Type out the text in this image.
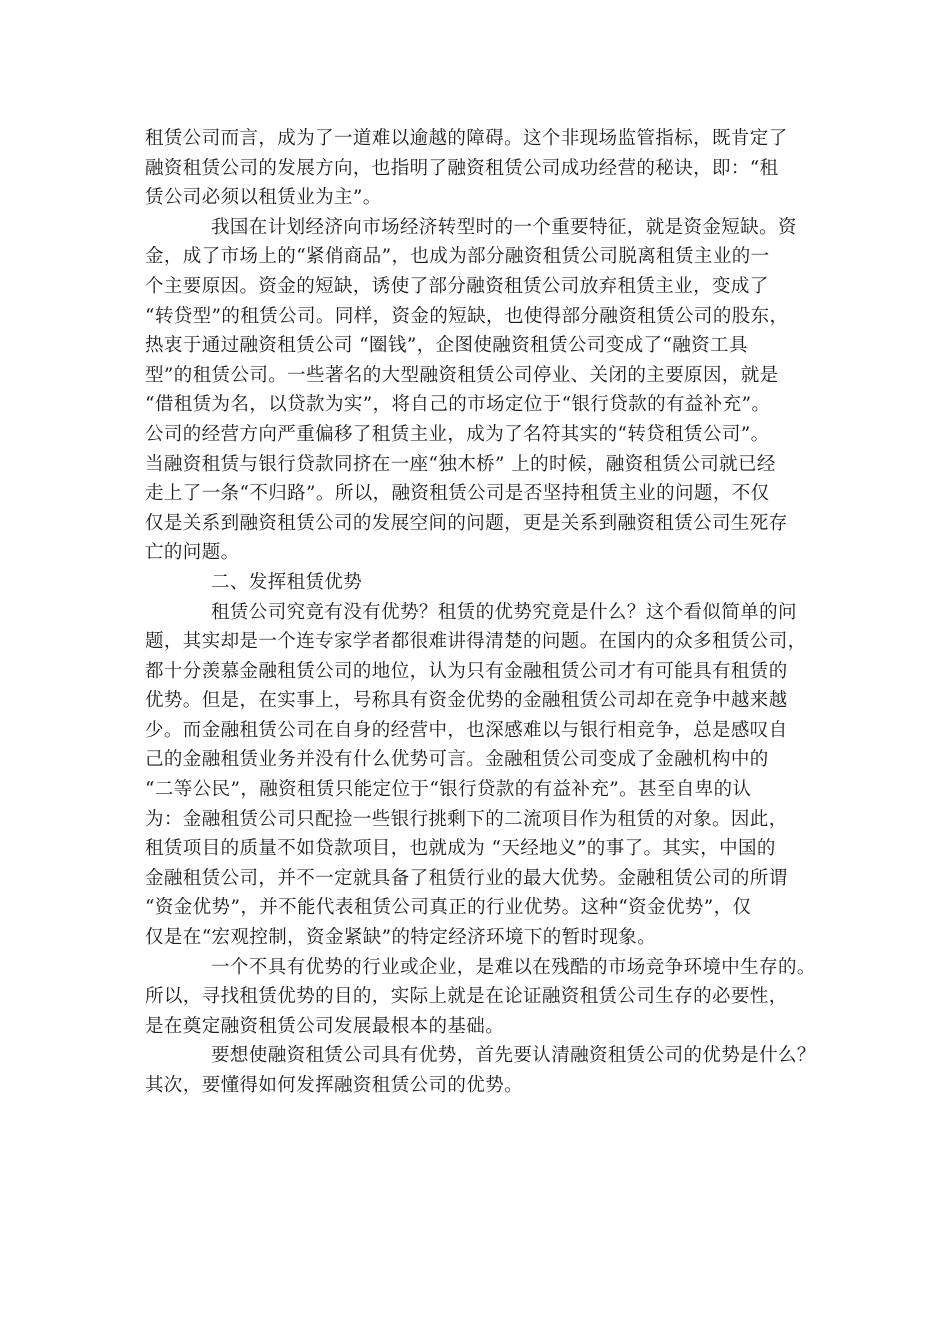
租赁公司而言，成为了一道难以逾越的障碍。这个非现场监管指标，既肯定了
融资租赁公司的发展方向，也指明了融资租赁公司成功经营的秘诀，即：“租
赁公司必须以租赁业为主”。

我国在计划经济向市场经济转型时的一个重要特征，就是资金短缺。资
金，成了市场上的“紧俏商品”，也成为部分融资租赁公司脱离租赁主业的一
个主要原因。资金的短缺，诱使了部分融资租赁公司放弃租赁主业，变成了
“转贷型”的租赁公司。同样，资金的短缺，也使得部分融资租赁公司的股东，
热衷于通过融资租赁公司 “圈钱”，企图使融资租赁公司变成了“融资工具
型”的租赁公司。一些著名的大型融资租赁公司停业、关闭的主要原因，就是
“借租赁为名，以贷款为实”，将自己的市场定位于“银行贷款的有益补充”。
公司的经营方向严重偏移了租赁主业，成为了名符其实的“转贷租赁公司”。
当融资租赁与银行贷款同挤在一座“独木桥” 上的时候，融资租赁公司就已经
走上了一条“不归路”。所以，融资租赁公司是否坚持租赁主业的问题，不仅
仅是关系到融资租赁公司的发展空间的问题，更是关系到融资租赁公司生死存
亡的问题。

二、发挥租赁优势

租赁公司究竟有没有优势？租赁的优势究竟是什么？这个看似简单的问
题，其实却是一个连专家学者都很难讲得清楚的问题。在国内的众多租赁公司，
都十分羡慕金融租赁公司的地位，认为只有金融租赁公司才有可能具有租赁的
优势。但是，在实事上，号称具有资金优势的金融租赁公司却在竞争中越来越
少。而金融租赁公司在自身的经营中，也深感难以与银行相竞争，总是感叹自
己的金融租赁业务并没有什么优势可言。金融租赁公司变成了金融机构中的
“二等公民”，融资租赁只能定位于“银行贷款的有益补充”。甚至自卑的认
为：金融租赁公司只配捡一些银行挑剩下的二流项目作为租赁的对象。因此，
租赁项目的质量不如贷款项目，也就成为 “天经地义”的事了。其实，中国的
金融租赁公司，并不一定就具备了租赁行业的最大优势。金融租赁公司的所谓
“资金优势”，并不能代表租赁公司真正的行业优势。这种“资金优势”，仅
仅是在“宏观控制，资金紧缺”的特定经济环境下的暂时现象。

一个不具有优势的行业或企业，是难以在残酷的市场竞争环境中生存的。
所以，寻找租赁优势的目的，实际上就是在论证融资租赁公司生存的必要性，
是在奠定融资租赁公司发展最根本的基础。

要想使融资租赁公司具有优势，首先要认清融资租赁公司的优势是什么？
其次，要懂得如何发挥融资租赁公司的优势。
